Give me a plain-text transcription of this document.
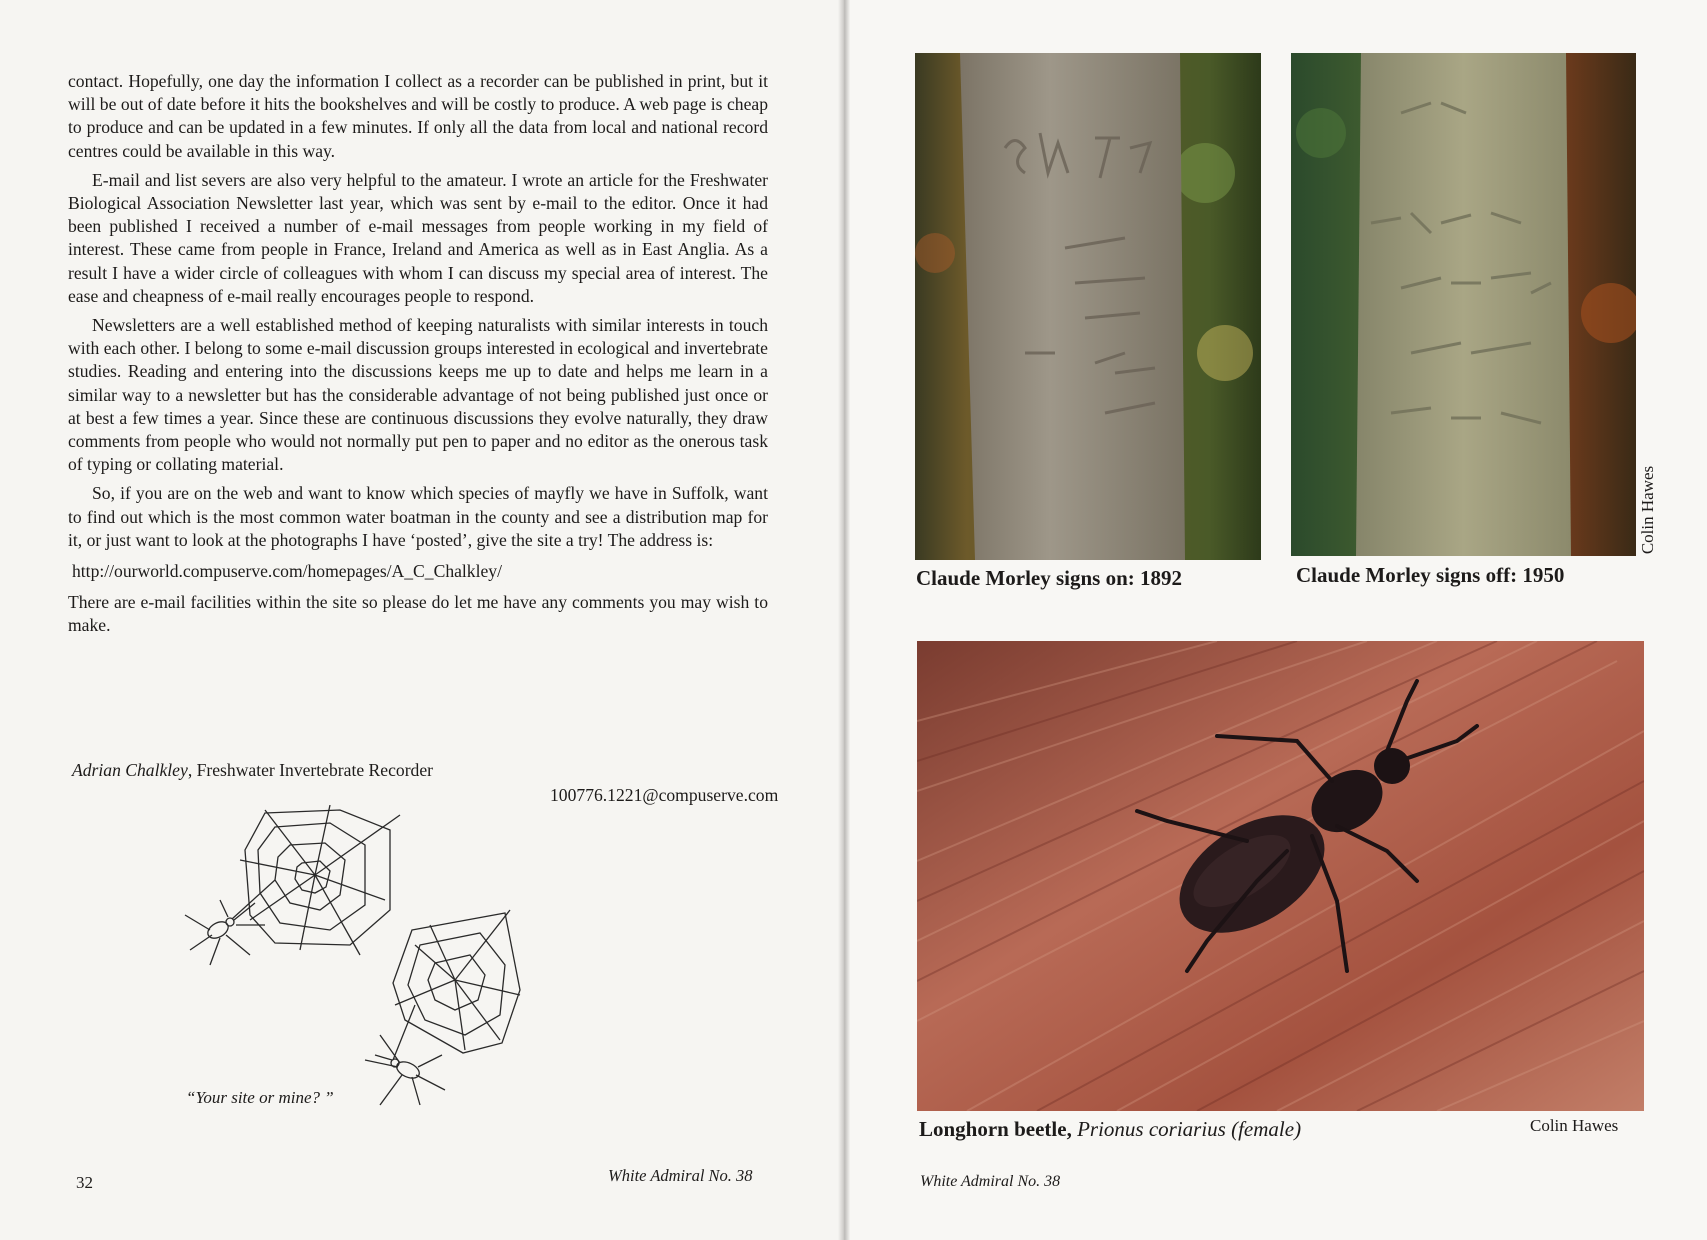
contact. Hopefully, one day the information I collect as a recorder can be published in print, but it will be out of date before it hits the bookshelves and will be costly to produce. A web page is cheap to produce and can be updated in a few minutes. If only all the data from local and national record centres could be available in this way.

E-mail and list severs are also very helpful to the amateur. I wrote an article for the Freshwater Biological Association Newsletter last year, which was sent by e-mail to the editor. Once it had been published I received a number of e-mail messages from people working in my field of interest. These came from people in France, Ireland and America as well as in East Anglia. As a result I have a wider circle of colleagues with whom I can discuss my special area of interest. The ease and cheapness of e-mail really encourages people to respond.

Newsletters are a well established method of keeping naturalists with similar interests in touch with each other. I belong to some e-mail discussion groups interested in ecological and invertebrate studies. Reading and entering into the discussions keeps me up to date and helps me learn in a similar way to a newsletter but has the considerable advantage of not being published just once or at best a few times a year. Since these are continuous discussions they evolve naturally, they draw comments from people who would not normally put pen to paper and no editor as the onerous task of typing or collating material.

So, if you are on the web and want to know which species of mayfly we have in Suffolk, want to find out which is the most common water boatman in the county and see a distribution map for it, or just want to look at the photographs I have ‘posted’, give the site a try! The address is:

http://ourworld.compuserve.com/homepages/A_C_Chalkley/

There are e-mail facilities within the site so please do let me have any comments you may wish to make.

Adrian Chalkley, Freshwater Invertebrate Recorder
100776.1221@compuserve.com
“Your site or mine? ”
32	White Admiral No. 38
Claude Morley signs on: 1892	Claude Morley signs off: 1950
Longhorn beetle, Prionus coriarius (female)
Colin Hawes
Colin Hawes
White Admiral No. 38
